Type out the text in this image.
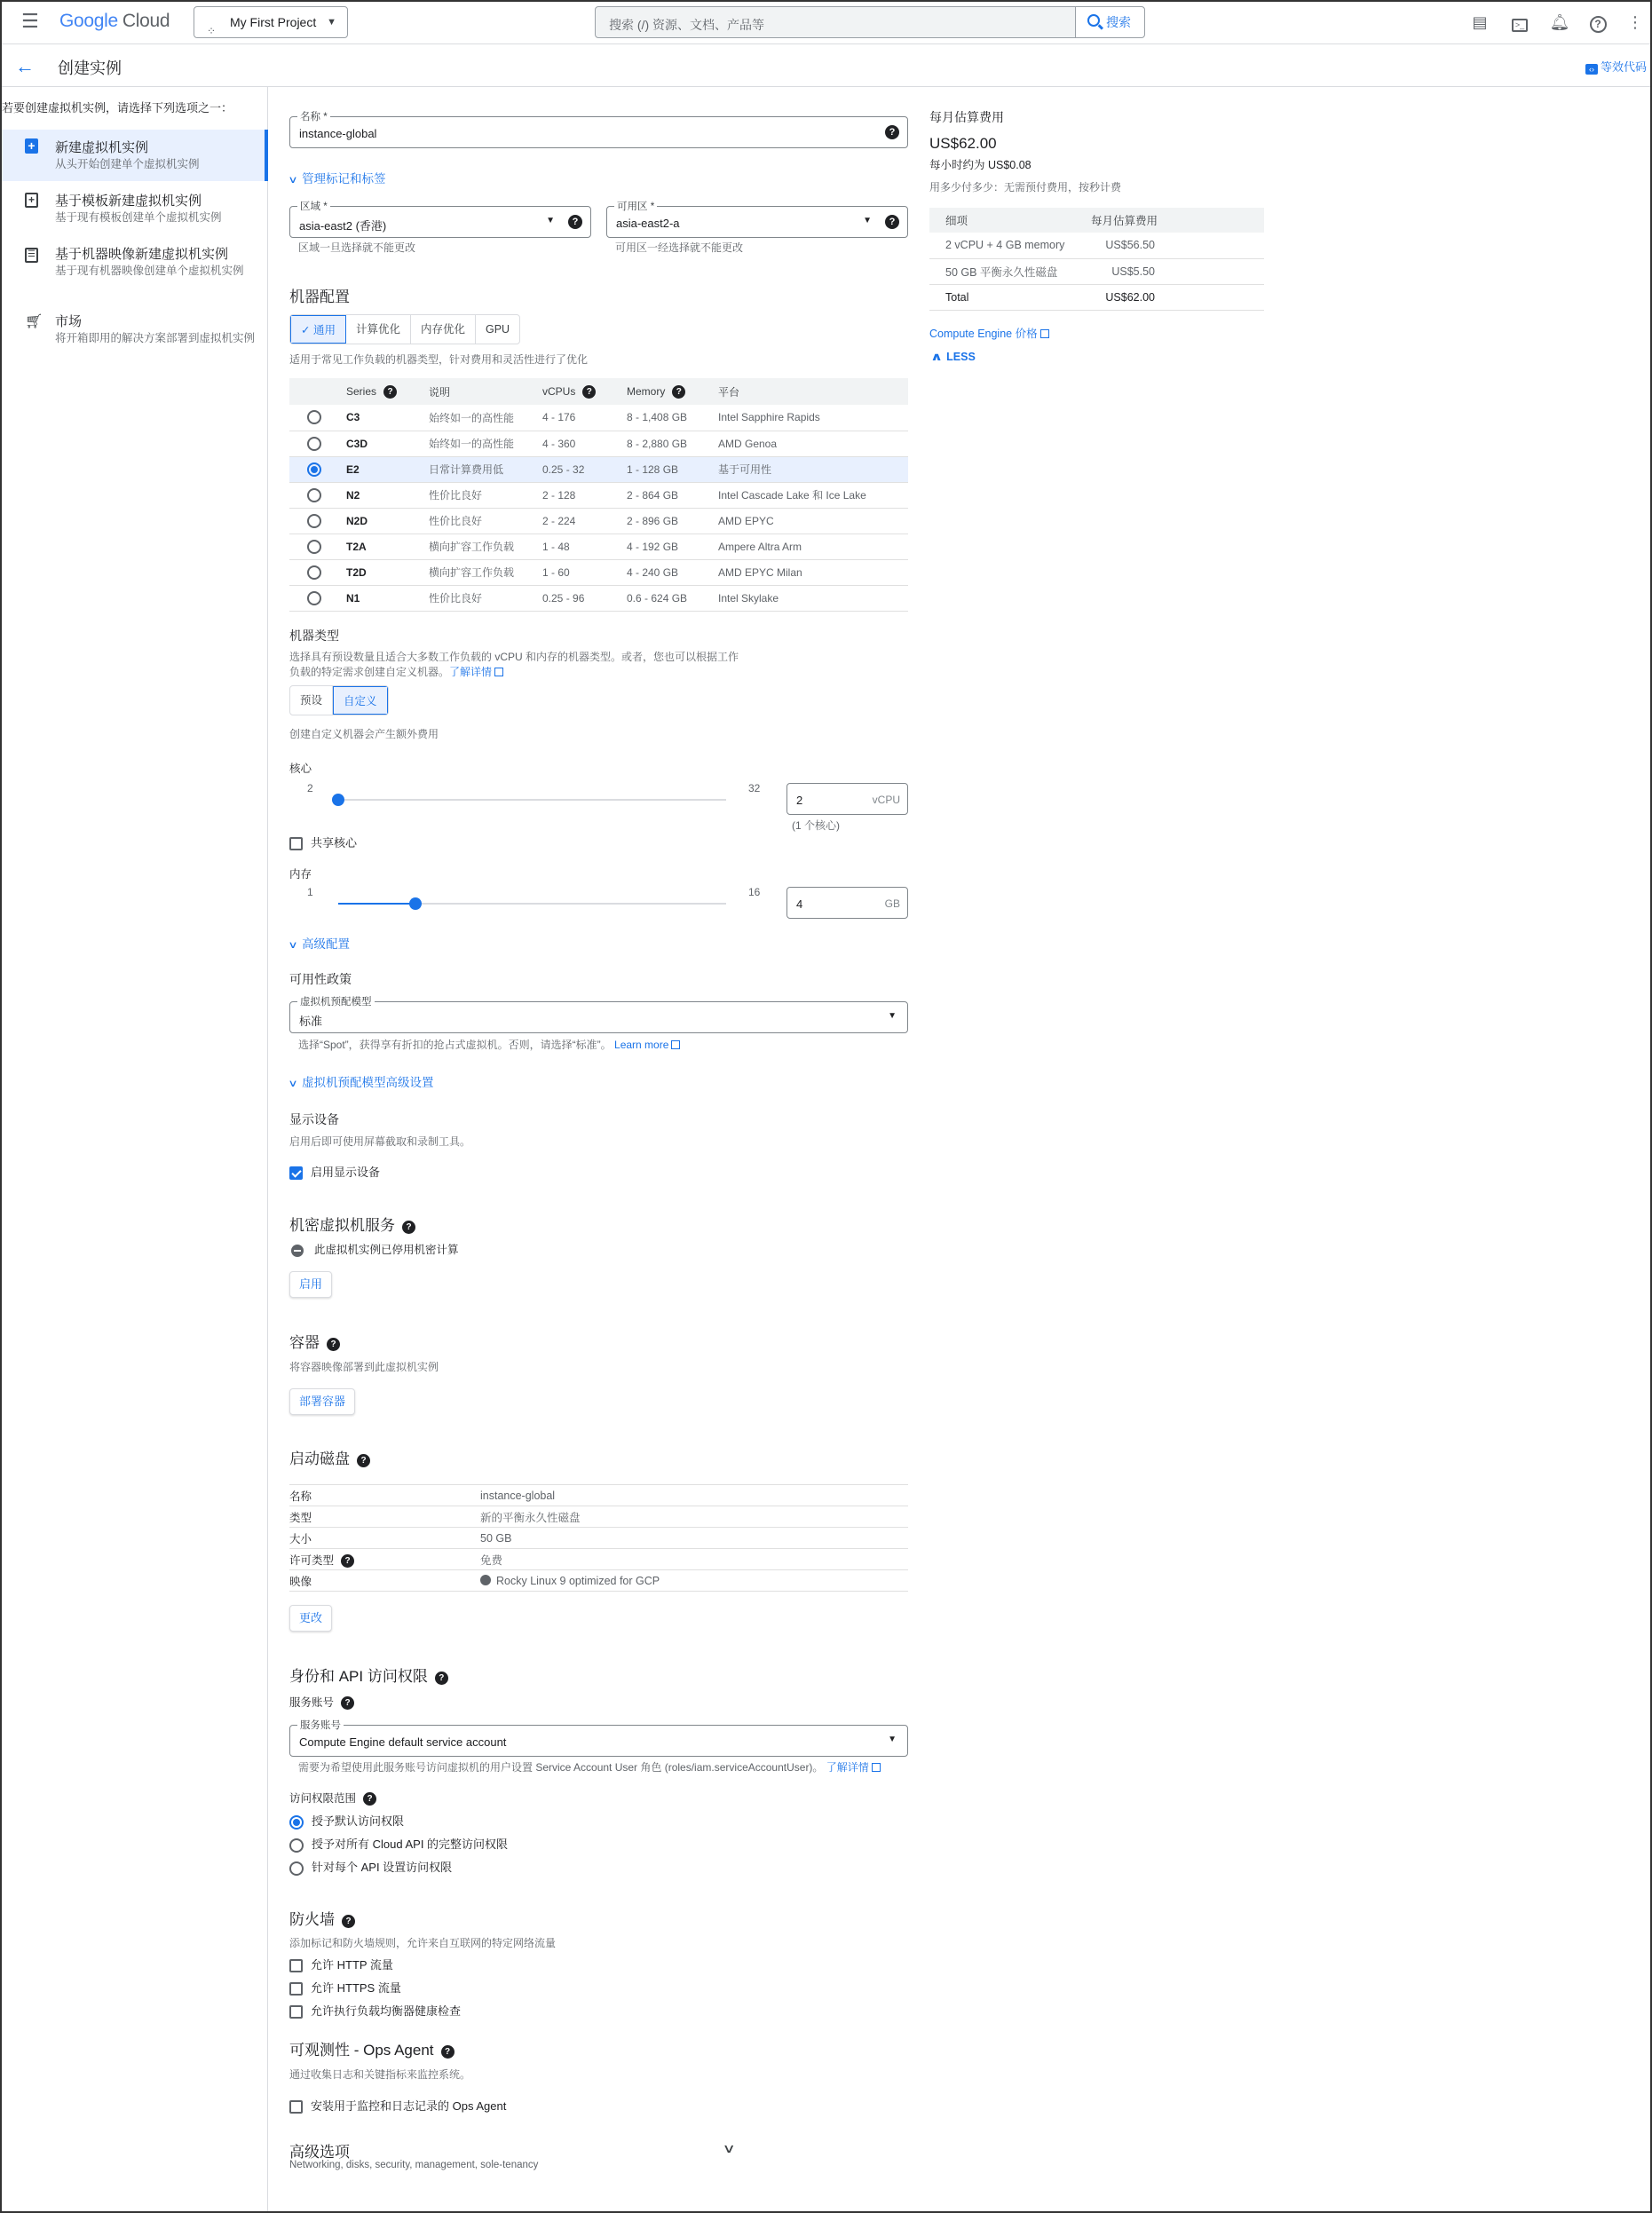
☰ Google Cloud	⁘
My First Project ▼	搜索 (/) 资源、文档、产品等	搜索	▤	>_	🔔︎	?	⋮
← 创建实例	‹› 等效代码
若要创建虚拟机实例，请选择下列选项之一：
+	新建虚拟机实例
从头开始创建单个虚拟机实例
+	基于模板新建虚拟机实例
基于现有模板创建单个虚拟机实例
☰	基于机器映像新建虚拟机实例
基于现有机器映像创建单个虚拟机实例
🛒︎ 市场
将开箱即用的解决方案部署到虚拟机实例
名称 *
instance-global	?
∨ 管理标记和标签
区域 *
asia-east2 (香港)	▼	?
区域一旦选择就不能更改
可用区 *
asia-east2-a	▼	?
可用区一经选择就不能更改
机器配置
✓ 通用	计算优化	内存优化	GPU
适用于常见工作负载的机器类型，针对费用和灵活性进行了优化
	Series ?	说明	vCPUs ?	Memory ?	平台
	C3	始终如一的高性能	4 - 176	8 - 1,408 GB	Intel Sapphire Rapids
	C3D	始终如一的高性能	4 - 360	8 - 2,880 GB	AMD Genoa
	E2	日常计算费用低	0.25 - 32	1 - 128 GB	基于可用性
	N2	性价比良好	2 - 128	2 - 864 GB	Intel Cascade Lake 和 Ice Lake
	N2D	性价比良好	2 - 224	2 - 896 GB	AMD EPYC
	T2A	横向扩容工作负载	1 - 48	4 - 192 GB	Ampere Altra Arm
	T2D	横向扩容工作负载	1 - 60	4 - 240 GB	AMD EPYC Milan
	N1	性价比良好	0.25 - 96	0.6 - 624 GB	Intel Skylake
机器类型
选择具有预设数量且适合大多数工作负载的 vCPU 和内存的机器类型。或者，您也可以根据工作
负载的特定需求创建自定义机器。了解详情
预设	自定义
创建自定义机器会产生额外费用
核心
2	32
2	vCPU
(1 个核心)
共享核心
内存
1	16
4	GB
∨ 高级配置
可用性政策
虚拟机预配模型
标准	▼
选择“Spot”，获得享有折扣的抢占式虚拟机。否则，请选择“标准”。 Learn more
∨ 虚拟机预配模型高级设置
显示设备
启用后即可使用屏幕截取和录制工具。
启用显示设备
机密虚拟机服务 ?
此虚拟机实例已停用机密计算
启用
容器 ?
将容器映像部署到此虚拟机实例
部署容器
启动磁盘 ?
名称	instance-global
类型	新的平衡永久性磁盘
大小	50 GB
许可类型 ?	免费
映像	Rocky Linux 9 optimized for GCP
更改
身份和 API 访问权限 ?
服务账号 ?
服务账号
Compute Engine default service account	▼
需要为希望使用此服务账号访问虚拟机的用户设置 Service Account User 角色 (roles/iam.serviceAccountUser)。 了解详情
访问权限范围 ?
授予默认访问权限
授予对所有 Cloud API 的完整访问权限
针对每个 API 设置访问权限
防火墙 ?
添加标记和防火墙规则，允许来自互联网的特定网络流量
允许 HTTP 流量
允许 HTTPS 流量
允许执行负载均衡器健康检查
可观测性 - Ops Agent ?
通过收集日志和关键指标来监控系统。
安装用于监控和日志记录的 Ops Agent
高级选项
Networking, disks, security, management, sole-tenancy
∨
每月估算费用
US$62.00
每小时约为 US$0.08
用多少付多少：无需预付费用，按秒计费
细项	每月估算费用
2 vCPU + 4 GB memory	US$56.50
50 GB 平衡永久性磁盘	US$5.50
Total	US$62.00
Compute Engine 价格
∧ LESS
